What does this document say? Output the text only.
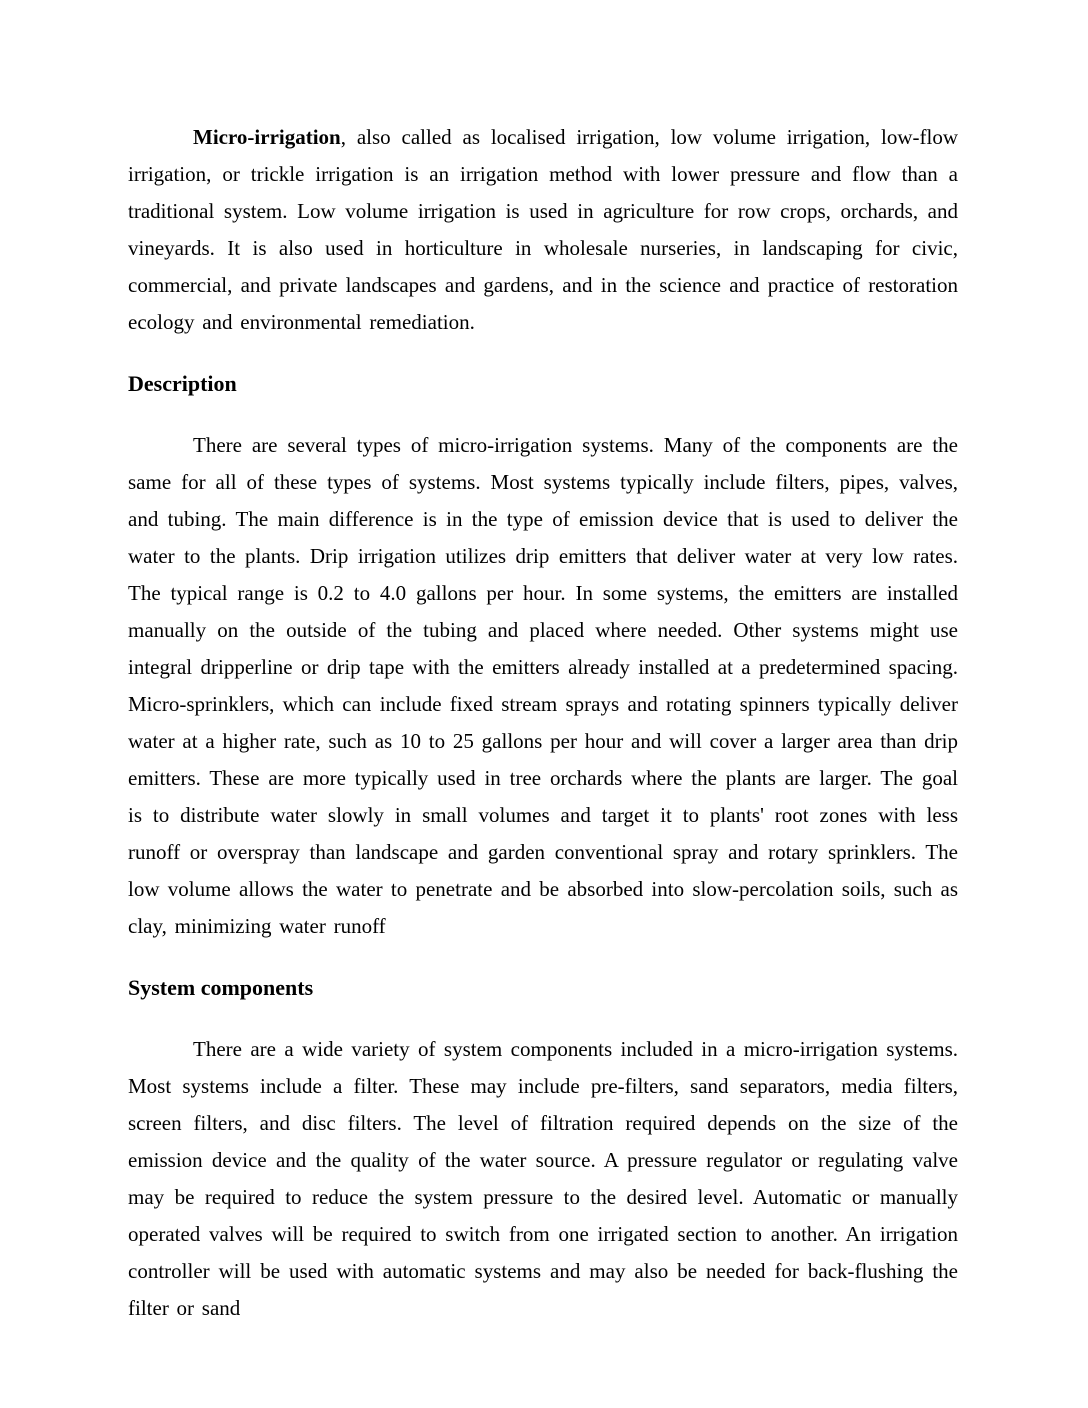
Micro-irrigation, also called as localised irrigation, low volume irrigation, low-flow irrigation, or trickle irrigation is an irrigation method with lower pressure and flow than a traditional system. Low volume irrigation is used in agriculture for row crops, orchards, and vineyards. It is also used in horticulture in wholesale nurseries, in landscaping for civic, commercial, and private landscapes and gardens, and in the science and practice of restoration ecology and environmental remediation.

Description

There are several types of micro-irrigation systems. Many of the components are the same for all of these types of systems. Most systems typically include filters, pipes, valves, and tubing. The main difference is in the type of emission device that is used to deliver the water to the plants. Drip irrigation utilizes drip emitters that deliver water at very low rates. The typical range is 0.2 to 4.0 gallons per hour. In some systems, the emitters are installed manually on the outside of the tubing and placed where needed. Other systems might use integral dripperline or drip tape with the emitters already installed at a predetermined spacing. Micro-sprinklers, which can include fixed stream sprays and rotating spinners typically deliver water at a higher rate, such as 10 to 25 gallons per hour and will cover a larger area than drip emitters. These are more typically used in tree orchards where the plants are larger. The goal is to distribute water slowly in small volumes and target it to plants' root zones with less runoff or overspray than landscape and garden conventional spray and rotary sprinklers. The low volume allows the water to penetrate and be absorbed into slow-percolation soils, such as clay, minimizing water runoff

System components

There are a wide variety of system components included in a micro-irrigation systems. Most systems include a filter. These may include pre-filters, sand separators, media filters, screen filters, and disc filters. The level of filtration required depends on the size of the emission device and the quality of the water source. A pressure regulator or regulating valve may be required to reduce the system pressure to the desired level. Automatic or manually operated valves will be required to switch from one irrigated section to another. An irrigation controller will be used with automatic systems and may also be needed for back-flushing the filter or sand
